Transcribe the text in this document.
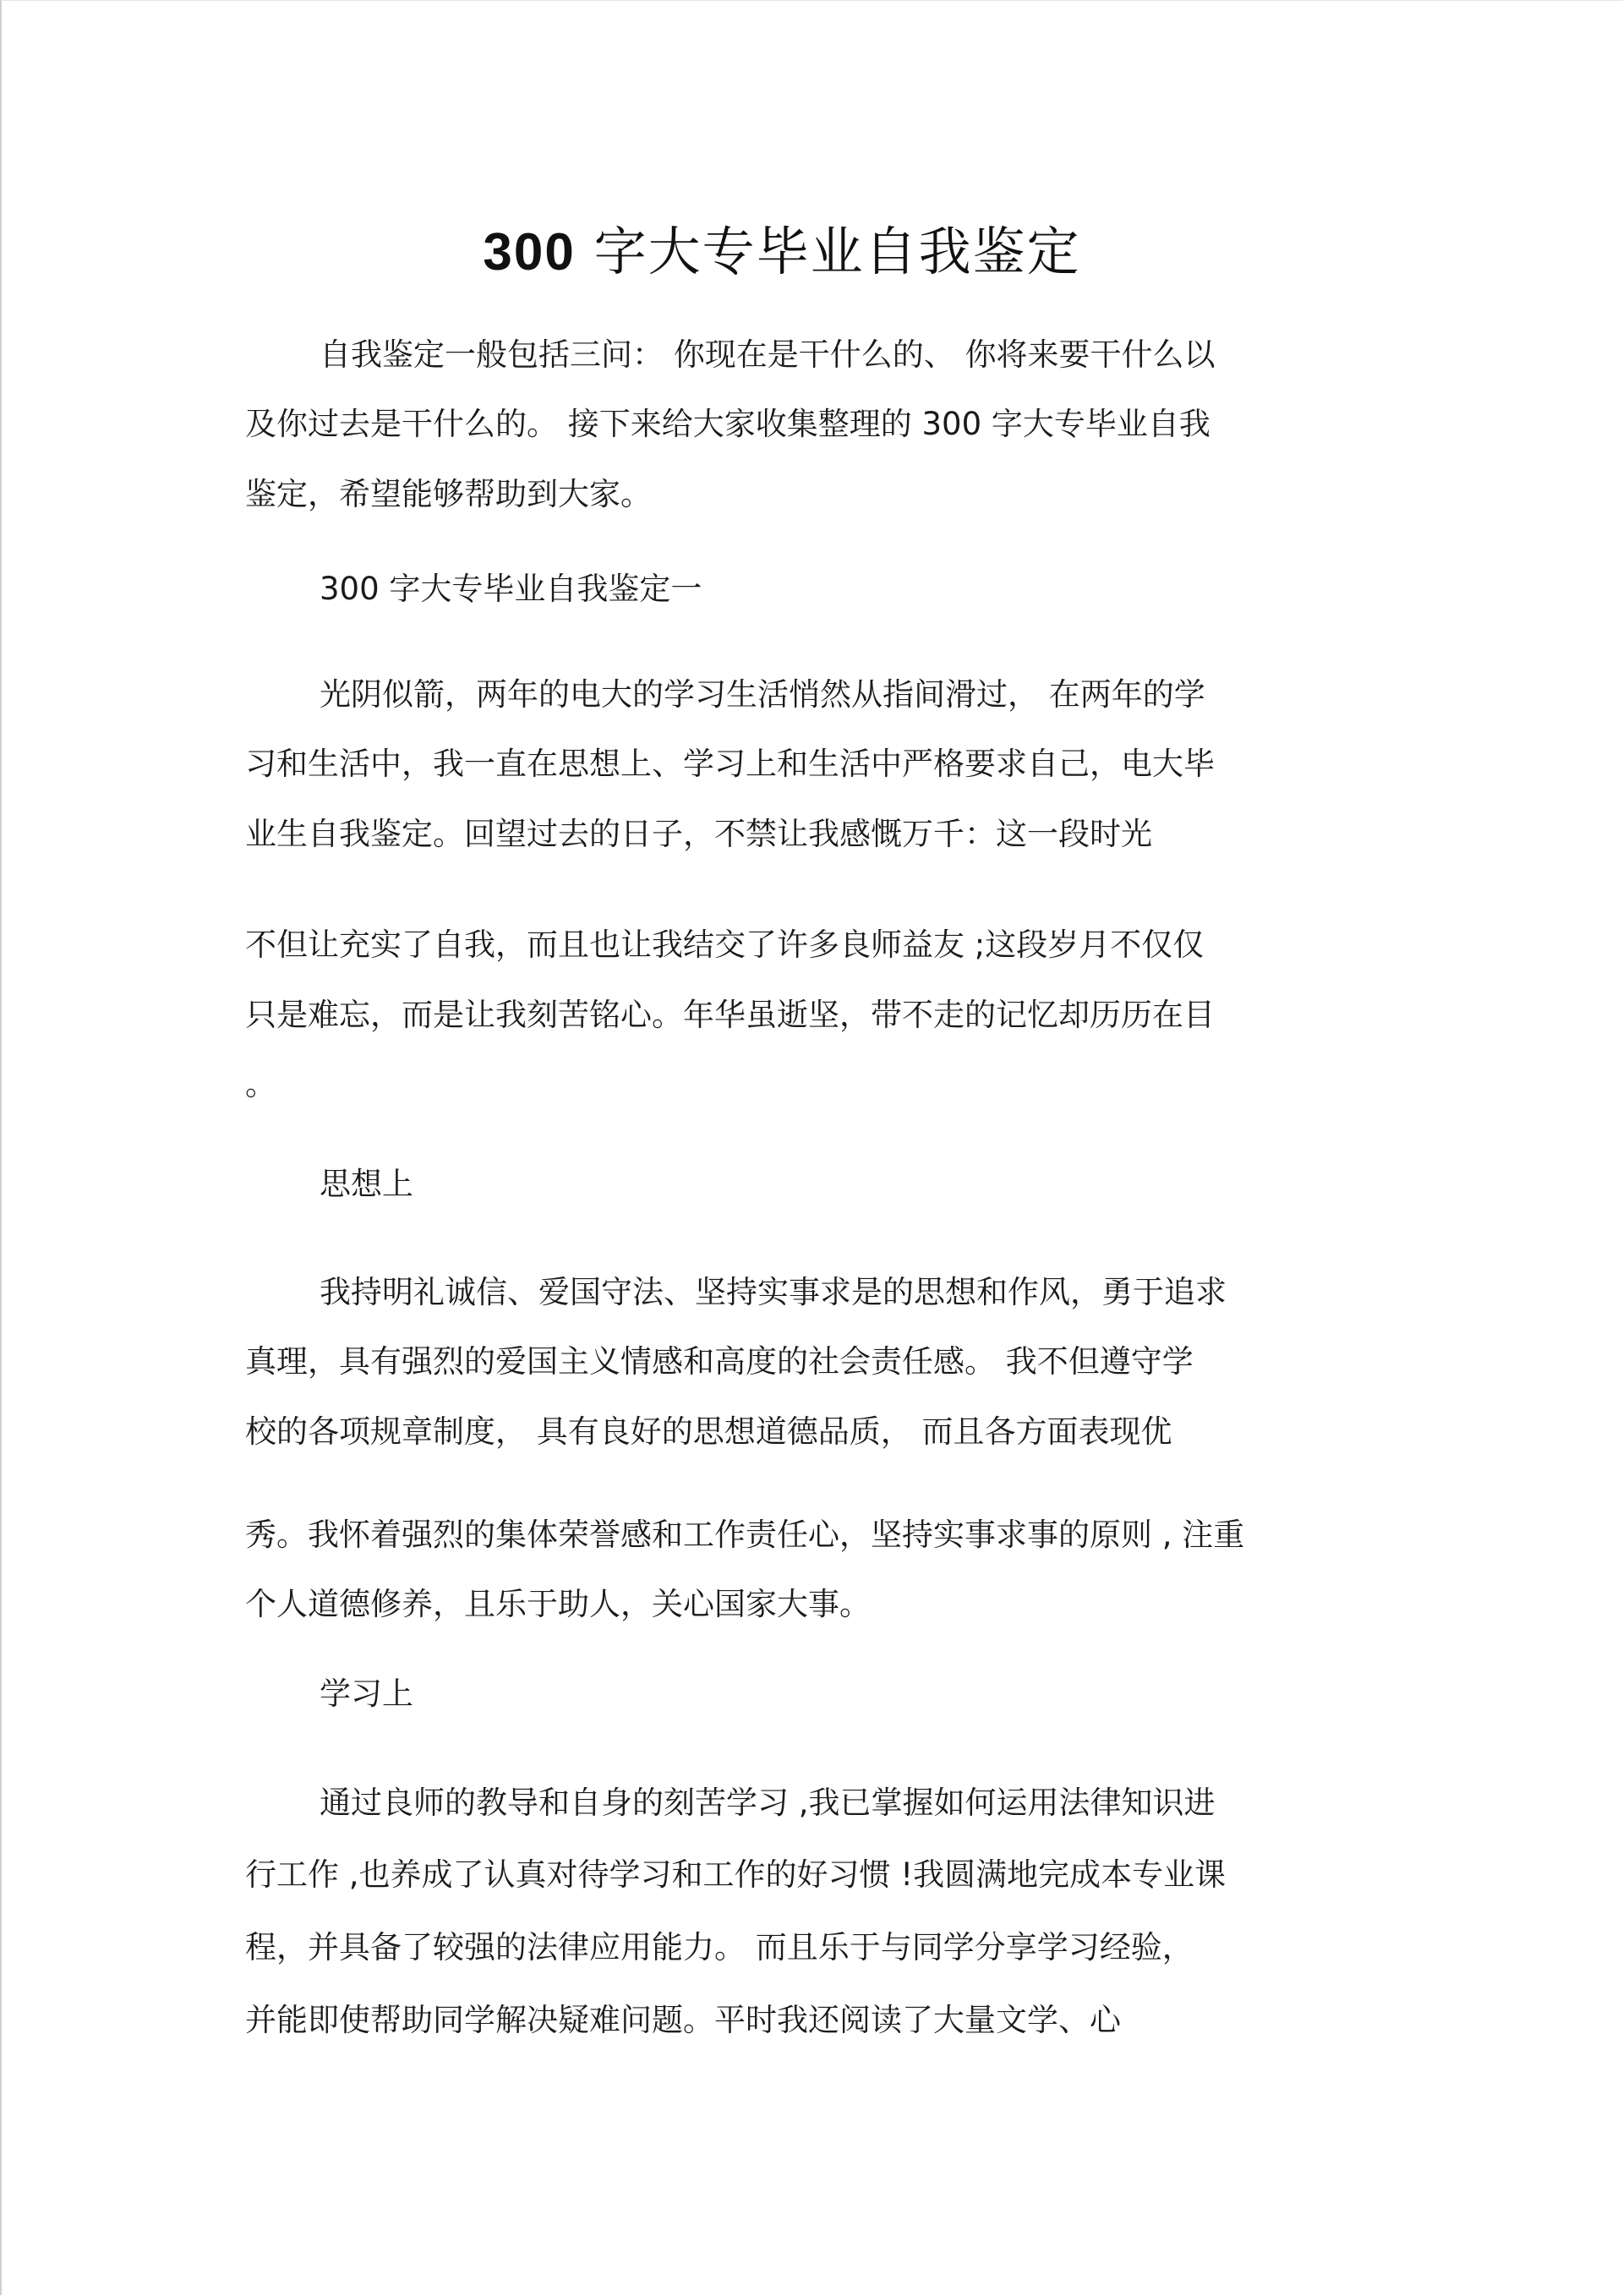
300 字大专毕业自我鉴定
自我鉴定一般包括三问： 你现在是干什么的、 你将来要干什么以
及你过去是干什么的。 接下来给大家收集整理的 300 字大专毕业自我
鉴定，希望能够帮助到大家。
300 字大专毕业自我鉴定一
光阴似箭，两年的电大的学习生活悄然从指间滑过， 在两年的学
习和生活中，我一直在思想上、学习上和生活中严格要求自己，电大毕
业生自我鉴定。回望过去的日子，不禁让我感慨万千：这一段时光
不但让充实了自我，而且也让我结交了许多良师益友 ;这段岁月不仅仅
只是难忘，而是让我刻苦铭心。年华虽逝坚，带不走的记忆却历历在目
。
思想上
我持明礼诚信、爱国守法、坚持实事求是的思想和作风，勇于追求
真理，具有强烈的爱国主义情感和高度的社会责任感。 我不但遵守学
校的各项规章制度， 具有良好的思想道德品质， 而且各方面表现优
秀。我怀着强烈的集体荣誉感和工作责任心，坚持实事求事的原则 , 注重
个人道德修养，且乐于助人，关心国家大事。
学习上
通过良师的教导和自身的刻苦学习 ,我已掌握如何运用法律知识进
行工作 ,也养成了认真对待学习和工作的好习惯 !我圆满地完成本专业课
程，并具备了较强的法律应用能力。 而且乐于与同学分享学习经验，
并能即使帮助同学解决疑难问题。平时我还阅读了大量文学、心
